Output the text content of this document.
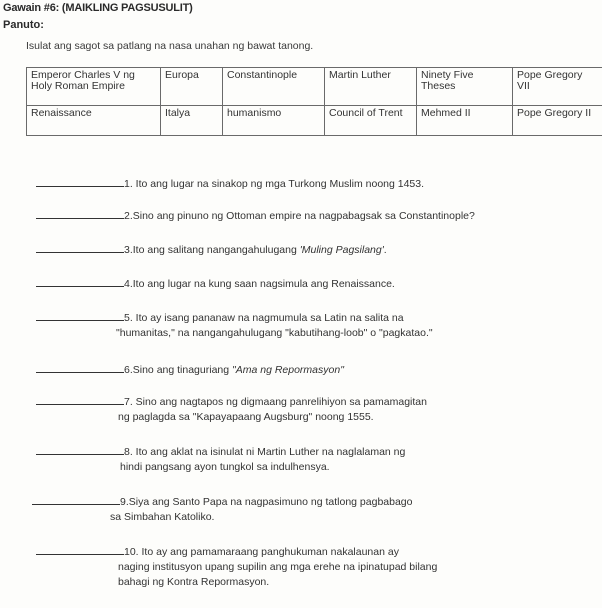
Gawain #6: (MAIKLING PAGSUSULIT)
Panuto:
Isulat ang sagot sa patlang na nasa unahan ng bawat tanong.
Emperor Charles V ng Holy Roman Empire	Europa	Constantinople	Martin Luther	Ninety Five Theses	Pope Gregory VII
Renaissance	Italya	humanismo	Council of Trent	Mehmed II	Pope Gregory II
1. Ito ang lugar na sinakop ng mga Turkong Muslim noong 1453.
2.Sino ang pinuno ng Ottoman empire na nagpabagsak sa Constantinople?
3.Ito ang salitang nangangahulugang 'Muling Pagsilang'.
4.Ito ang lugar na kung saan nagsimula ang Renaissance.
5. Ito ay isang pananaw na nagmumula sa Latin na salita na
"humanitas," na nangangahulugang "kabutihang-loob" o "pagkatao."
6.Sino ang tinaguriang "Ama ng Repormasyon"
7. Sino ang nagtapos ng digmaang panrelihiyon sa pamamagitan
ng paglagda sa "Kapayapaang Augsburg" noong 1555.
8. Ito ang aklat na isinulat ni Martin Luther na naglalaman ng
hindi pangsang ayon tungkol sa indulhensya.
9.Siya ang Santo Papa na nagpasimuno ng tatlong pagbabago
sa Simbahan Katoliko.
10. Ito ay ang pamamaraang panghukuman nakalaunan ay
naging institusyon upang supilin ang mga erehe na ipinatupad bilang bahagi ng Kontra Repormasyon.
